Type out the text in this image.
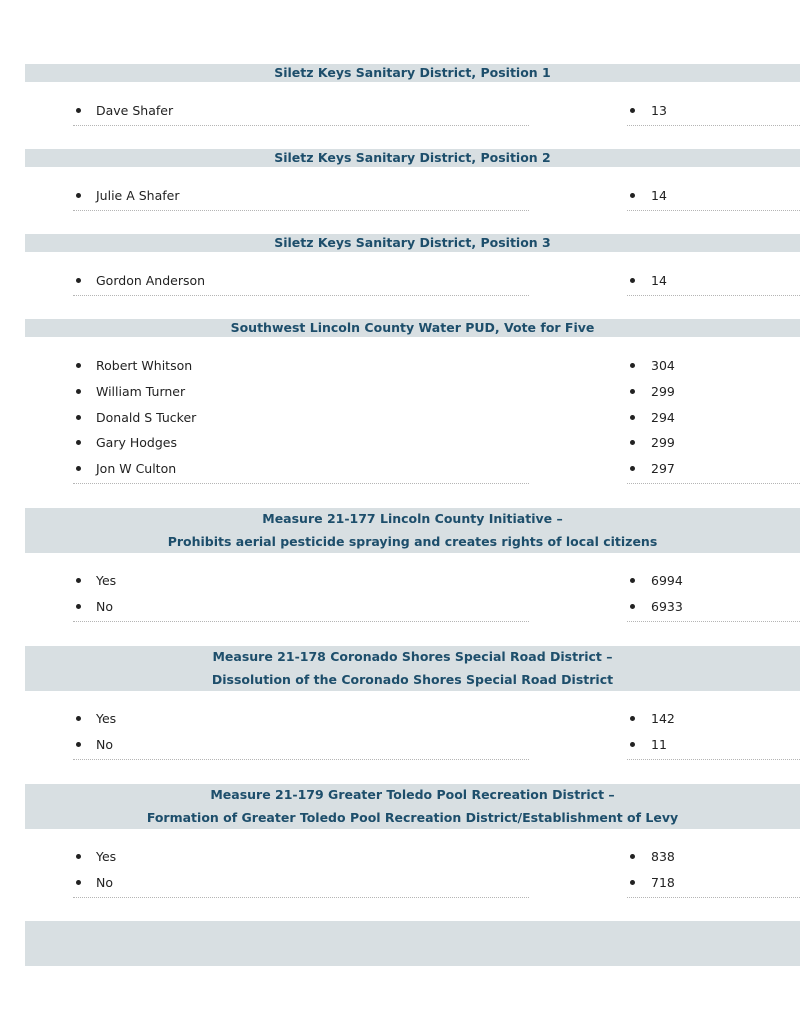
Siletz Keys Sanitary District, Position 1
Dave Shafer	13
Siletz Keys Sanitary District, Position 2
Julie A Shafer	14
Siletz Keys Sanitary District, Position 3
Gordon Anderson	14
Southwest Lincoln County Water PUD, Vote for Five
Robert Whitson	304
William Turner	299
Donald S Tucker	294
Gary Hodges	299
Jon W Culton	297
Measure 21-177 Lincoln County Initiative –
Prohibits aerial pesticide spraying and creates rights of local citizens
Yes	6994
No	6933
Measure 21-178 Coronado Shores Special Road District –
Dissolution of the Coronado Shores Special Road District
Yes	142
No	11
Measure 21-179 Greater Toledo Pool Recreation District –
Formation of Greater Toledo Pool Recreation District/Establishment of Levy
Yes	838
No	718
